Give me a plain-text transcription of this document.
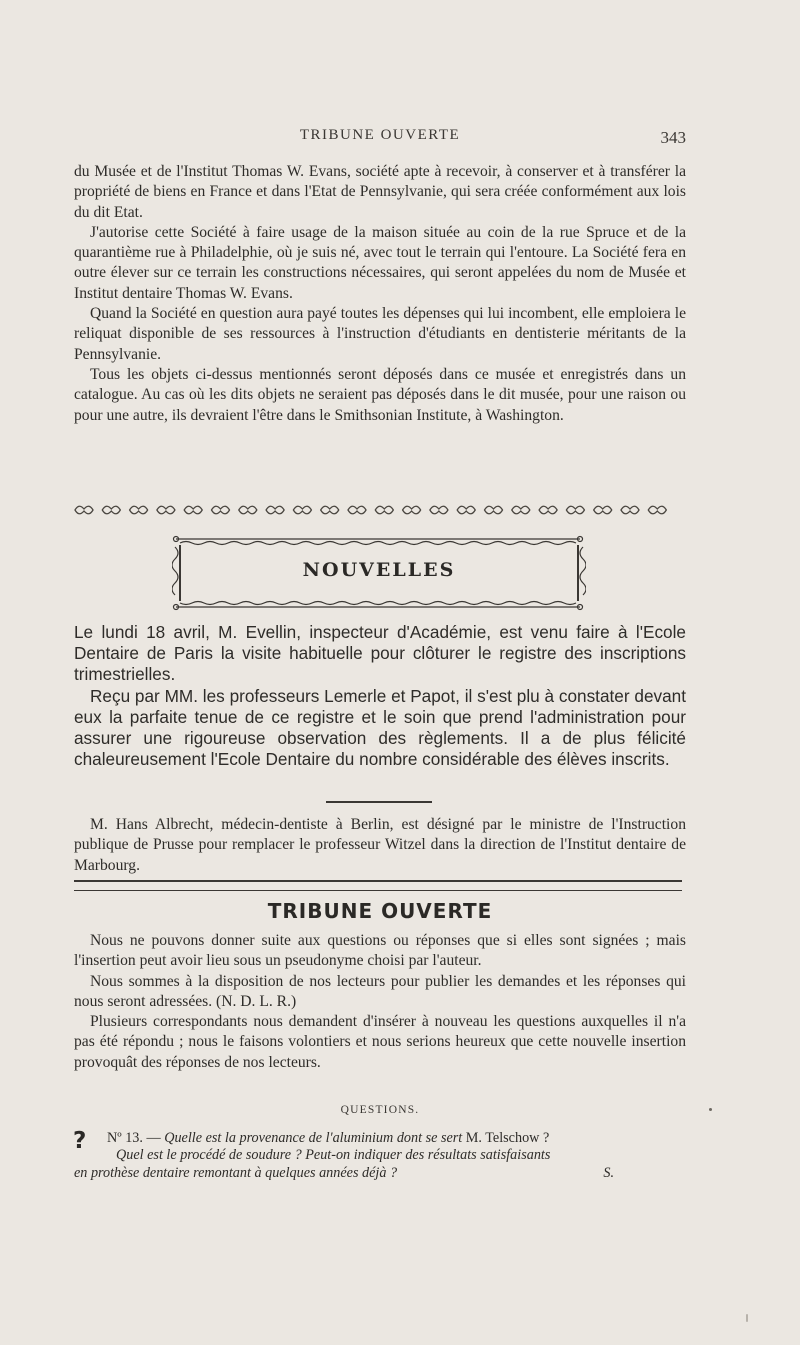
TRIBUNE OUVERTE	343

du Musée et de l'Institut Thomas W. Evans, société apte à recevoir, à conserver et à transférer la propriété de biens en France et dans l'Etat de Pennsylvanie, qui sera créée conformément aux lois du dit Etat.

J'autorise cette Société à faire usage de la maison située au coin de la rue Spruce et de la quarantième rue à Philadelphie, où je suis né, avec tout le terrain qui l'entoure. La Société fera en outre élever sur ce terrain les constructions nécessaires, qui seront appelées du nom de Musée et Institut dentaire Thomas W. Evans.

Quand la Société en question aura payé toutes les dépenses qui lui incombent, elle emploiera le reliquat disponible de ses ressources à l'instruction d'étudiants en dentisterie méritants de la Pennsylvanie.

Tous les objets ci-dessus mentionnés seront déposés dans ce musée et enregistrés dans un catalogue. Au cas où les dits objets ne seraient pas déposés dans le dit musée, pour une raison ou pour une autre, ils devraient l'être dans le Smithsonian Institute, à Washington.

NOUVELLES

Le lundi 18 avril, M. Evellin, inspecteur d'Académie, est venu faire à l'Ecole Dentaire de Paris la visite habituelle pour clôturer le registre des inscriptions trimestrielles.

Reçu par MM. les professeurs Lemerle et Papot, il s'est plu à constater devant eux la parfaite tenue de ce registre et le soin que prend l'administration pour assurer une rigoureuse observation des règlements. Il a de plus félicité chaleureusement l'Ecole Dentaire du nombre considérable des élèves inscrits.

M. Hans Albrecht, médecin-dentiste à Berlin, est désigné par le ministre de l'Instruction publique de Prusse pour remplacer le professeur Witzel dans la direction de l'Institut dentaire de Marbourg.

TRIBUNE OUVERTE

Nous ne pouvons donner suite aux questions ou réponses que si elles sont signées ; mais l'insertion peut avoir lieu sous un pseudonyme choisi par l'auteur.

Nous sommes à la disposition de nos lecteurs pour publier les demandes et les réponses qui nous seront adressées. (N. D. L. R.)

Plusieurs correspondants nous demandent d'insérer à nouveau les questions auxquelles il n'a pas été répondu ; nous le faisons volontiers et nous serions heureux que cette nouvelle insertion provoquât des réponses de nos lecteurs.

QUESTIONS.
?	Nº 13. — Quelle est la provenance de l'aluminium dont se sert M. Telschow ?

Quel est le procédé de soudure ? Peut-on indiquer des résultats satisfaisants

en prothèse dentaire remontant à quelques années déjà ?	S.
